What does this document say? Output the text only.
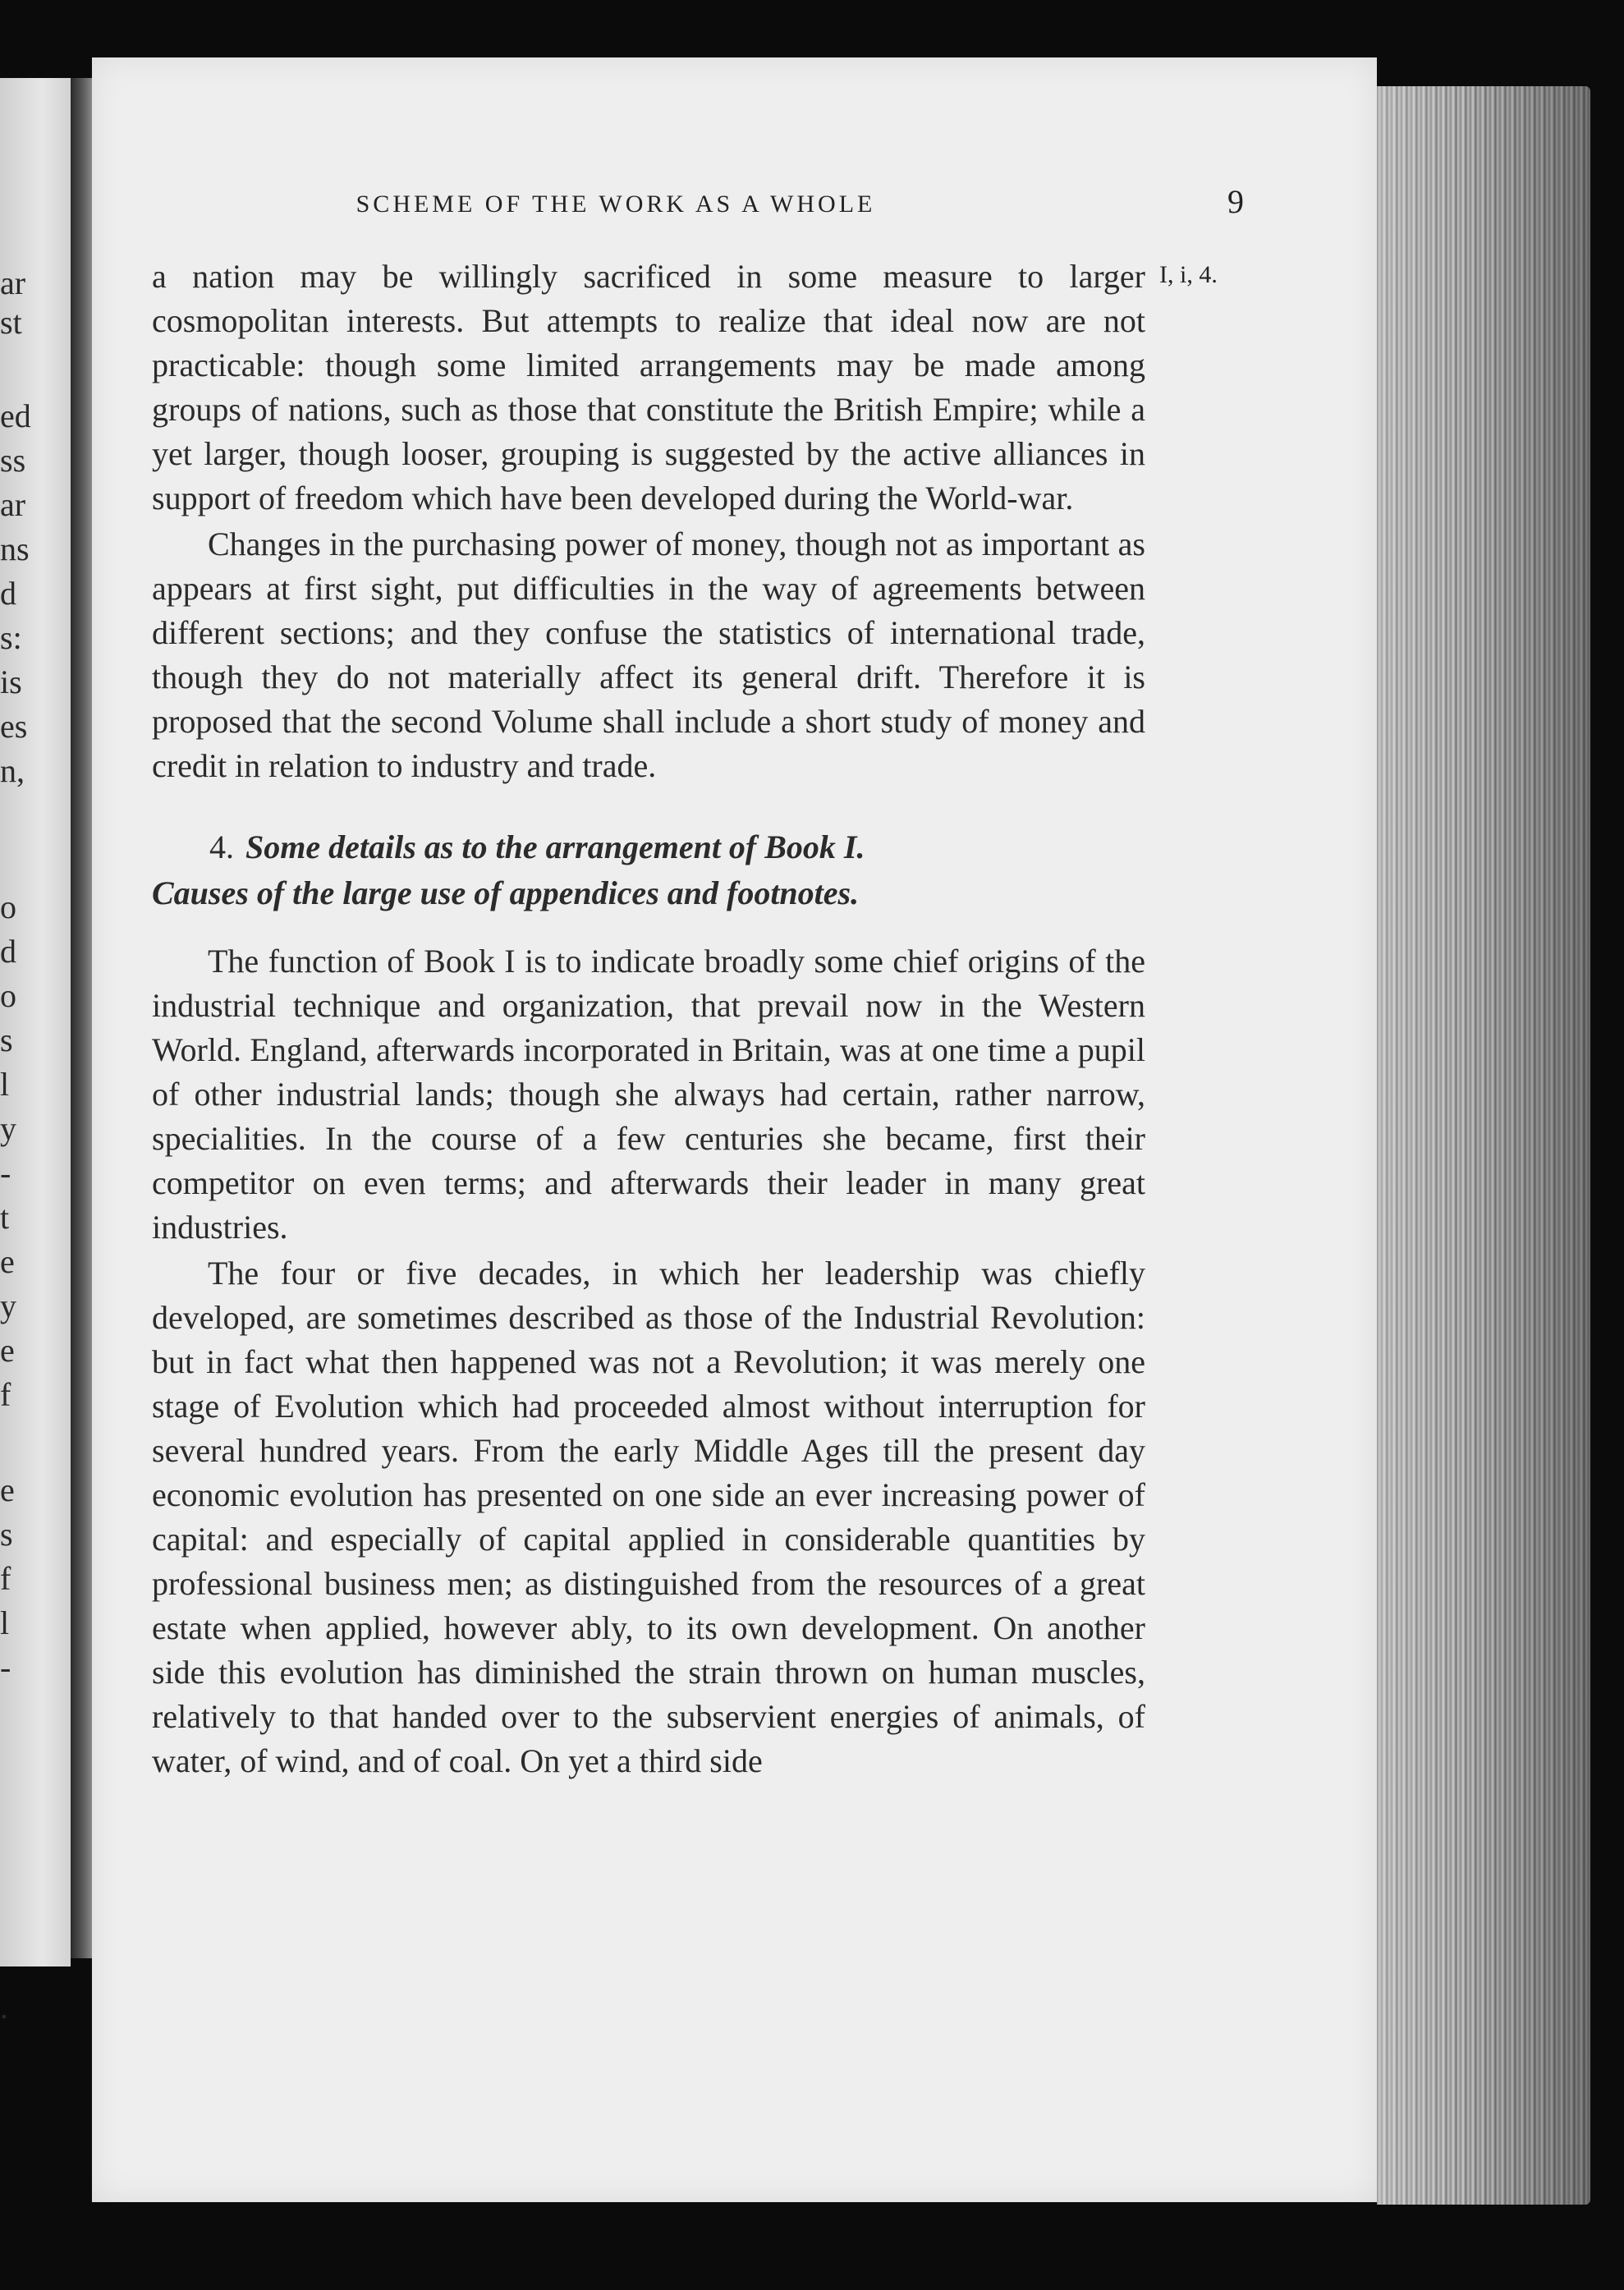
ar
st
ed
ss
ar
ns
d
s:
is
es
n,
o
d
o
s
l
y
-
t
e
y
e
f
e
s
f
l
-
.
SCHEME OF THE WORK AS A WHOLE	9
I, i, 4.

a nation may be willingly sacrificed in some measure to larger cosmopolitan interests. But attempts to realize that ideal now are not practicable: though some limited arrangements may be made among groups of nations, such as those that constitute the British Empire; while a yet larger, though looser, grouping is suggested by the active alliances in support of freedom which have been developed during the World-war.

Changes in the purchasing power of money, though not as important as appears at first sight, put difficulties in the way of agreements between different sections; and they confuse the statistics of international trade, though they do not materially affect its general drift. Therefore it is proposed that the second Volume shall include a short study of money and credit in relation to industry and trade.

4. Some details as to the arrangement of Book I.
Causes of the large use of appendices and footnotes.

The function of Book I is to indicate broadly some chief origins of the industrial technique and organization, that prevail now in the Western World. England, afterwards incorporated in Britain, was at one time a pupil of other industrial lands; though she always had certain, rather narrow, specialities. In the course of a few centuries she became, first their competitor on even terms; and afterwards their leader in many great industries.

The four or five decades, in which her leadership was chiefly developed, are sometimes described as those of the Industrial Revolution: but in fact what then happened was not a Revolution; it was merely one stage of Evolution which had proceeded almost without interruption for several hundred years. From the early Middle Ages till the present day economic evolution has presented on one side an ever increasing power of capital: and especially of capital applied in considerable quantities by professional business men; as distinguished from the resources of a great estate when applied, however ably, to its own development. On another side this evolution has diminished the strain thrown on human muscles, relatively to that handed over to the subservient energies of animals, of water, of wind, and of coal. On yet a third side
